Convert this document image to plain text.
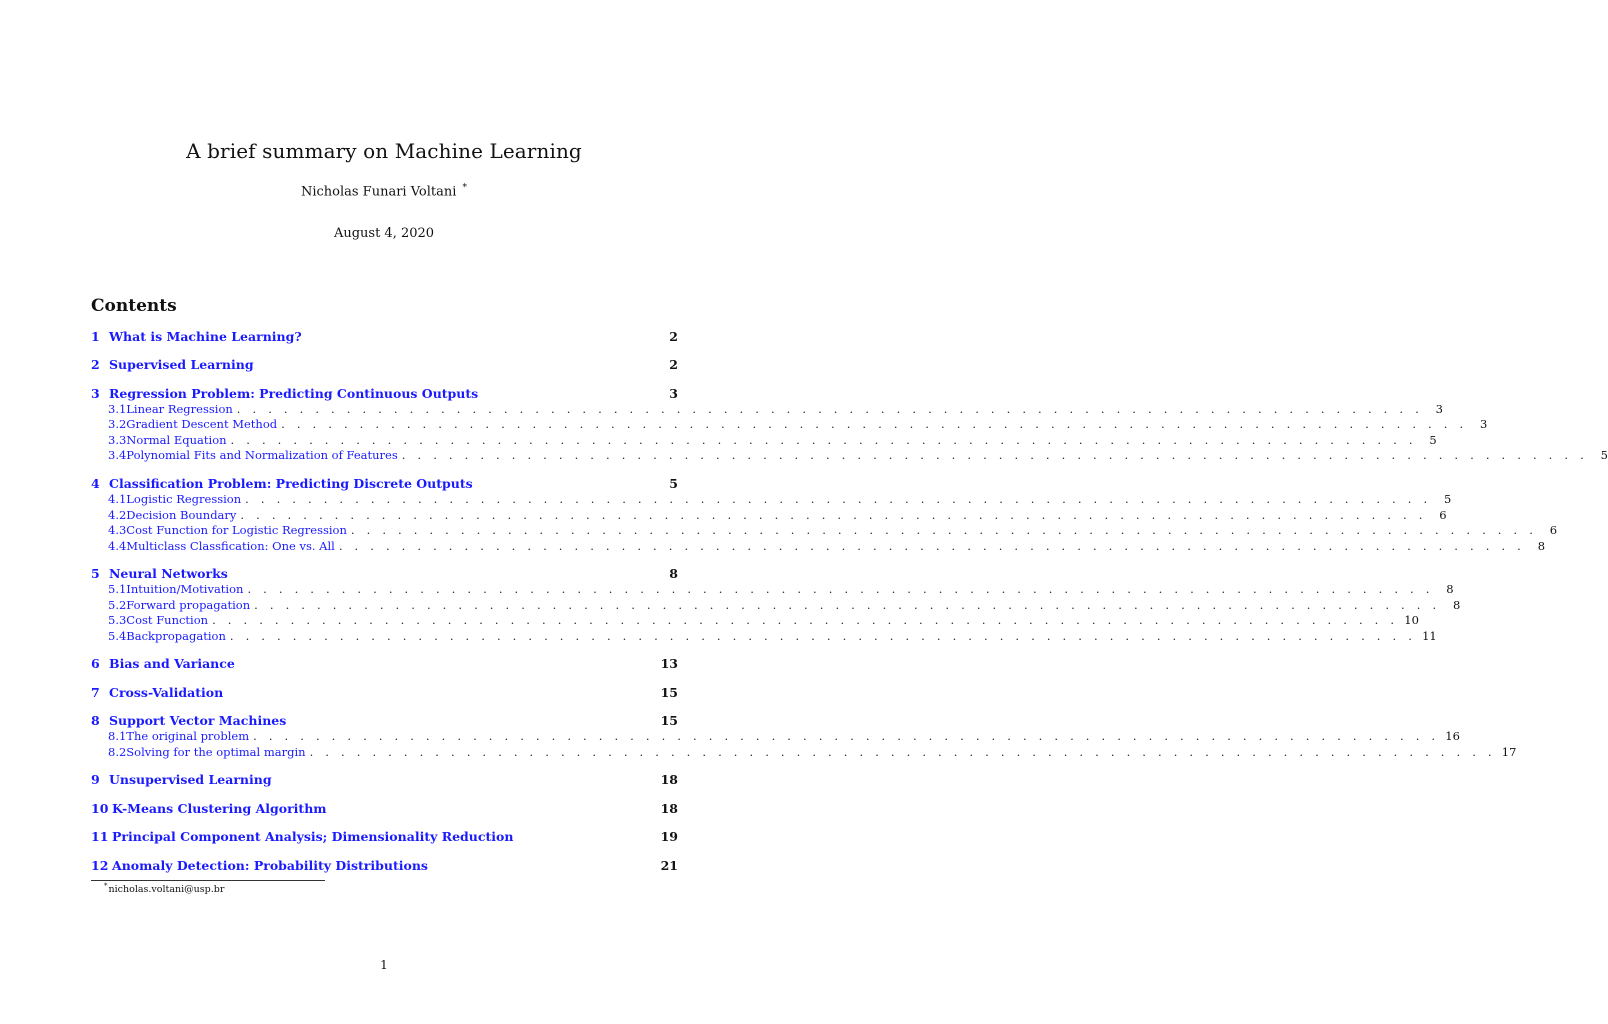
A brief summary on Machine Learning
Nicholas Funari Voltani *
August 4, 2020
Contents
1 What is Machine Learning?	2
2 Supervised Learning	2
3 Regression Problem: Predicting Continuous Outputs	3
3.1 Linear Regression . . . . . . . . . . . . . . . . . . . . . . . . . . . . . . . . . . . . . . . . . . . . . . . . . . . . . . . . . . . . . . . . . . . . . . . . . . . .	3
3.2 Gradient Descent Method . . . . . . . . . . . . . . . . . . . . . . . . . . . . . . . . . . . . . . . . . . . . . . . . . . . . . . . . . . . . . . . . . . . . . . . . . . . .	3
3.3 Normal Equation . . . . . . . . . . . . . . . . . . . . . . . . . . . . . . . . . . . . . . . . . . . . . . . . . . . . . . . . . . . . . . . . . . . . . . . . . . . .	5
3.4 Polynomial Fits and Normalization of Features . . . . . . . . . . . . . . . . . . . . . . . . . . . . . . . . . . . . . . . . . . . . . . . . . . . . . . . . . . . . . . . . . . . . . . . . . . . .	5
4 Classification Problem: Predicting Discrete Outputs	5
4.1 Logistic Regression . . . . . . . . . . . . . . . . . . . . . . . . . . . . . . . . . . . . . . . . . . . . . . . . . . . . . . . . . . . . . . . . . . . . . . . . . . . .	5
4.2 Decision Boundary . . . . . . . . . . . . . . . . . . . . . . . . . . . . . . . . . . . . . . . . . . . . . . . . . . . . . . . . . . . . . . . . . . . . . . . . . . . .	6
4.3 Cost Function for Logistic Regression . . . . . . . . . . . . . . . . . . . . . . . . . . . . . . . . . . . . . . . . . . . . . . . . . . . . . . . . . . . . . . . . . . . . . . . . . . . .	6
4.4 Multiclass Classfication: One vs. All . . . . . . . . . . . . . . . . . . . . . . . . . . . . . . . . . . . . . . . . . . . . . . . . . . . . . . . . . . . . . . . . . . . . . . . . . . . .	8
5 Neural Networks	8
5.1 Intuition/Motivation . . . . . . . . . . . . . . . . . . . . . . . . . . . . . . . . . . . . . . . . . . . . . . . . . . . . . . . . . . . . . . . . . . . . . . . . . . . .	8
5.2 Forward propagation . . . . . . . . . . . . . . . . . . . . . . . . . . . . . . . . . . . . . . . . . . . . . . . . . . . . . . . . . . . . . . . . . . . . . . . . . . . .	8
5.3 Cost Function . . . . . . . . . . . . . . . . . . . . . . . . . . . . . . . . . . . . . . . . . . . . . . . . . . . . . . . . . . . . . . . . . . . . . . . . . . . . 10
5.4 Backpropagation . . . . . . . . . . . . . . . . . . . . . . . . . . . . . . . . . . . . . . . . . . . . . . . . . . . . . . . . . . . . . . . . . . . . . . . . . . . . 11
6 Bias and Variance	13
7 Cross-Validation	15
8 Support Vector Machines	15
8.1 The original problem . . . . . . . . . . . . . . . . . . . . . . . . . . . . . . . . . . . . . . . . . . . . . . . . . . . . . . . . . . . . . . . . . . . . . . . . . . . . 16
8.2 Solving for the optimal margin . . . . . . . . . . . . . . . . . . . . . . . . . . . . . . . . . . . . . . . . . . . . . . . . . . . . . . . . . . . . . . . . . . . . . . . . . . . . 17
9 Unsupervised Learning	18
10 K-Means Clustering Algorithm	18
11 Principal Component Analysis; Dimensionality Reduction	19
12 Anomaly Detection: Probability Distributions	21
*nicholas.voltani@usp.br
1
